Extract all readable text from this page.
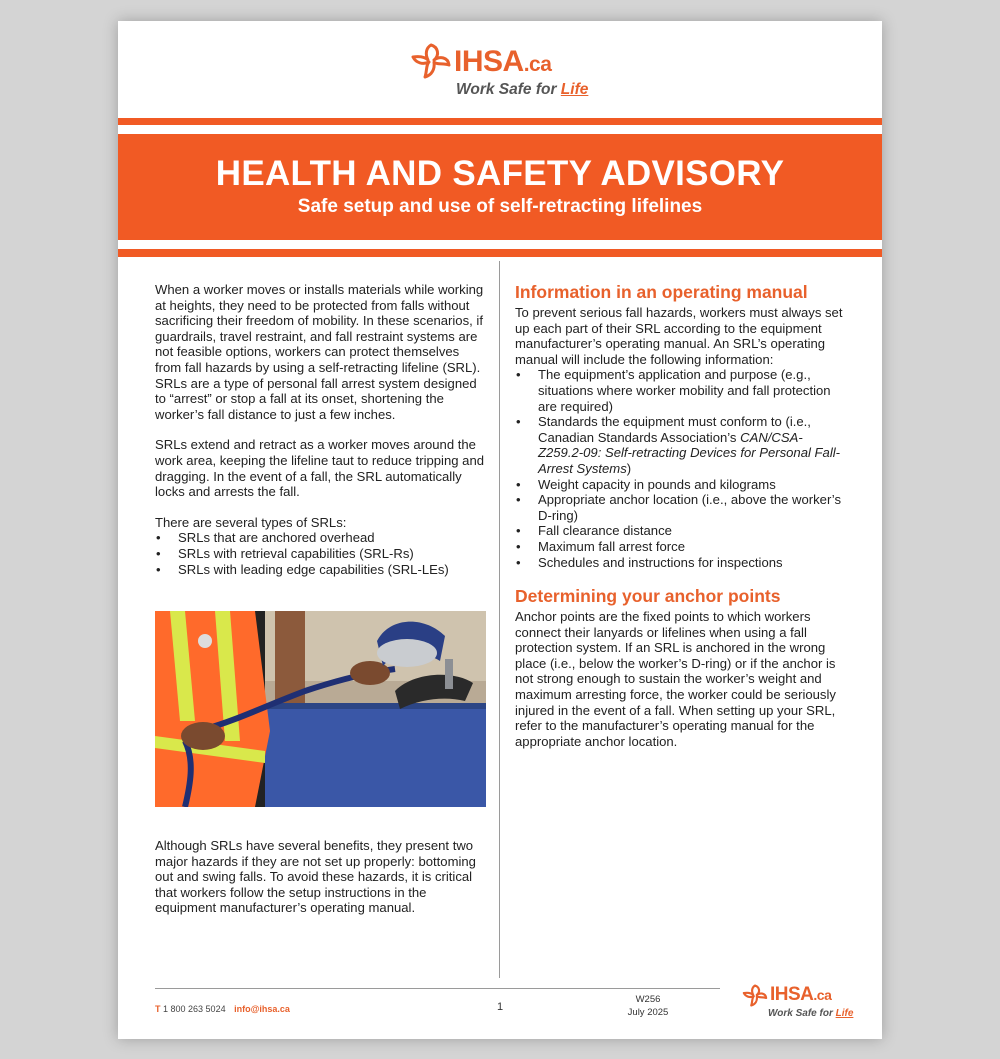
IHSA.ca
Work Safe for Life
HEALTH AND SAFETY ADVISORY
Safe setup and use of self-retracting lifelines

When a worker moves or installs materials while working at heights, they need to be protected from falls without sacrificing their freedom of mobility. In these scenarios, if guardrails, travel restraint, and fall restraint systems are not feasible options, workers can protect themselves from fall hazards by using a self-retracting lifeline (SRL). SRLs are a type of personal fall arrest system designed to “arrest” or stop a fall at its onset, shortening the worker’s fall distance to just a few inches.

SRLs extend and retract as a worker moves around the work area, keeping the lifeline taut to reduce tripping and dragging. In the event of a fall, the SRL automatically locks and arrests the fall.

There are several types of SRLs:
• SRLs that are anchored overhead
• SRLs with retrieval capabilities (SRL-Rs)
• SRLs with leading edge capabilities (SRL-LEs)
Although SRLs have several benefits, they present two major hazards if they are not set up properly: bottoming out and swing falls. To avoid these hazards, it is critical that workers follow the setup instructions in the equipment manufacturer’s operating manual.
Information in an operating manual
To prevent serious fall hazards, workers must always set up each part of their SRL according to the equipment manufacturer’s operating manual. An SRL’s operating manual will include the following information:
• The equipment’s application and purpose (e.g., situations where worker mobility and fall protection are required)
• Standards the equipment must conform to (i.e., Canadian Standards Association’s CAN/CSA-Z259.2-09: Self-retracting Devices for Personal Fall-Arrest Systems)
• Weight capacity in pounds and kilograms
• Appropriate anchor location (i.e., above the worker’s D-ring)
• Fall clearance distance
• Maximum fall arrest force
• Schedules and instructions for inspections
Determining your anchor points
Anchor points are the fixed points to which workers connect their lanyards or lifelines when using a fall protection system. If an SRL is anchored in the wrong place (i.e., below the worker’s D-ring) or if the anchor is not strong enough to sustain the worker’s weight and maximum arresting force, the worker could be seriously injured in the event of a fall. When setting up your SRL, refer to the manufacturer’s operating manual for the appropriate anchor location.
T 1 800 263 5024 info@ihsa.ca	1
W256
July 2025
IHSA.ca
Work Safe for Life
